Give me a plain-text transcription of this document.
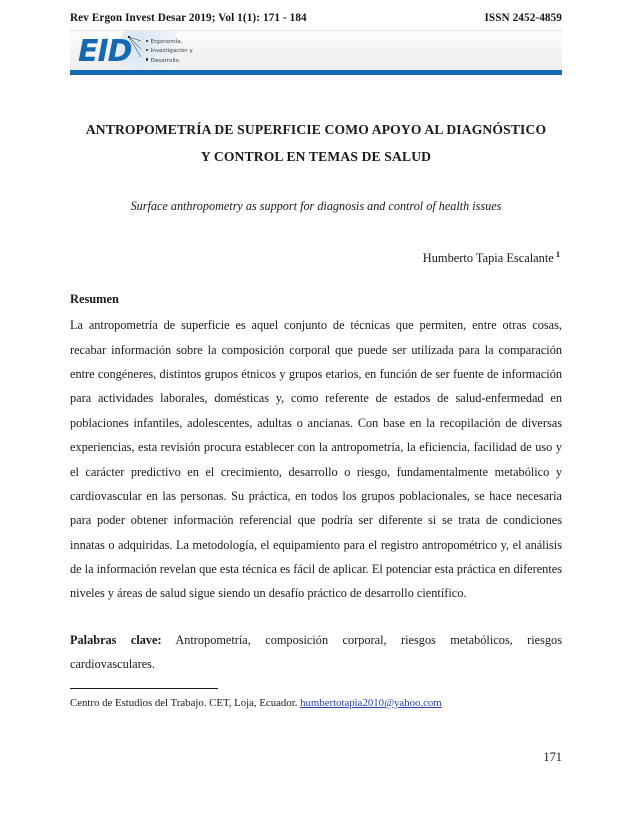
Rev Ergon Invest Desar 2019; Vol 1(1): 171 - 184	ISSN 2452-4859
EID	Ergonomía,
Investigación y
Desarrollo
ANTROPOMETRÍA DE SUPERFICIE COMO APOYO AL DIAGNÓSTICO Y CONTROL EN TEMAS DE SALUD
Surface anthropometry as support for diagnosis and control of health issues
Humberto Tapia Escalante $^1$
Resumen
La antropometría de superficie es aquel conjunto de técnicas que permiten, entre otras cosas, recabar información sobre la composición corporal que puede ser utilizada para la comparación entre congéneres, distintos grupos étnicos y grupos etarios, en función de ser fuente de información para actividades laborales, domésticas y, como referente de estados de salud-enfermedad en poblaciones infantiles, adolescentes, adultas o ancianas. Con base en la recopilación de diversas experiencias, esta revisión procura establecer con la antropometría, la eficiencia, facilidad de uso y el carácter predictivo en el crecimiento, desarrollo o riesgo, fundamentalmente metabólico y cardiovascular en las personas. Su práctica, en todos los grupos poblacionales, se hace necesaria para poder obtener información referencial que podría ser diferente si se trata de condiciones innatas o adquiridas. La metodología, el equipamiento para el registro antropométrico y, el análisis de la información revelan que esta técnica es fácil de aplicar. El potenciar esta práctica en diferentes niveles y áreas de salud sigue siendo un desafío práctico de desarrollo científico.
Palabras clave: Antropometría, composición corporal, riesgos metabólicos, riesgos cardiovasculares.
Centro de Estudios del Trabajo. CET, Loja, Ecuador. humbertotapia2010@yahoo.com
171
